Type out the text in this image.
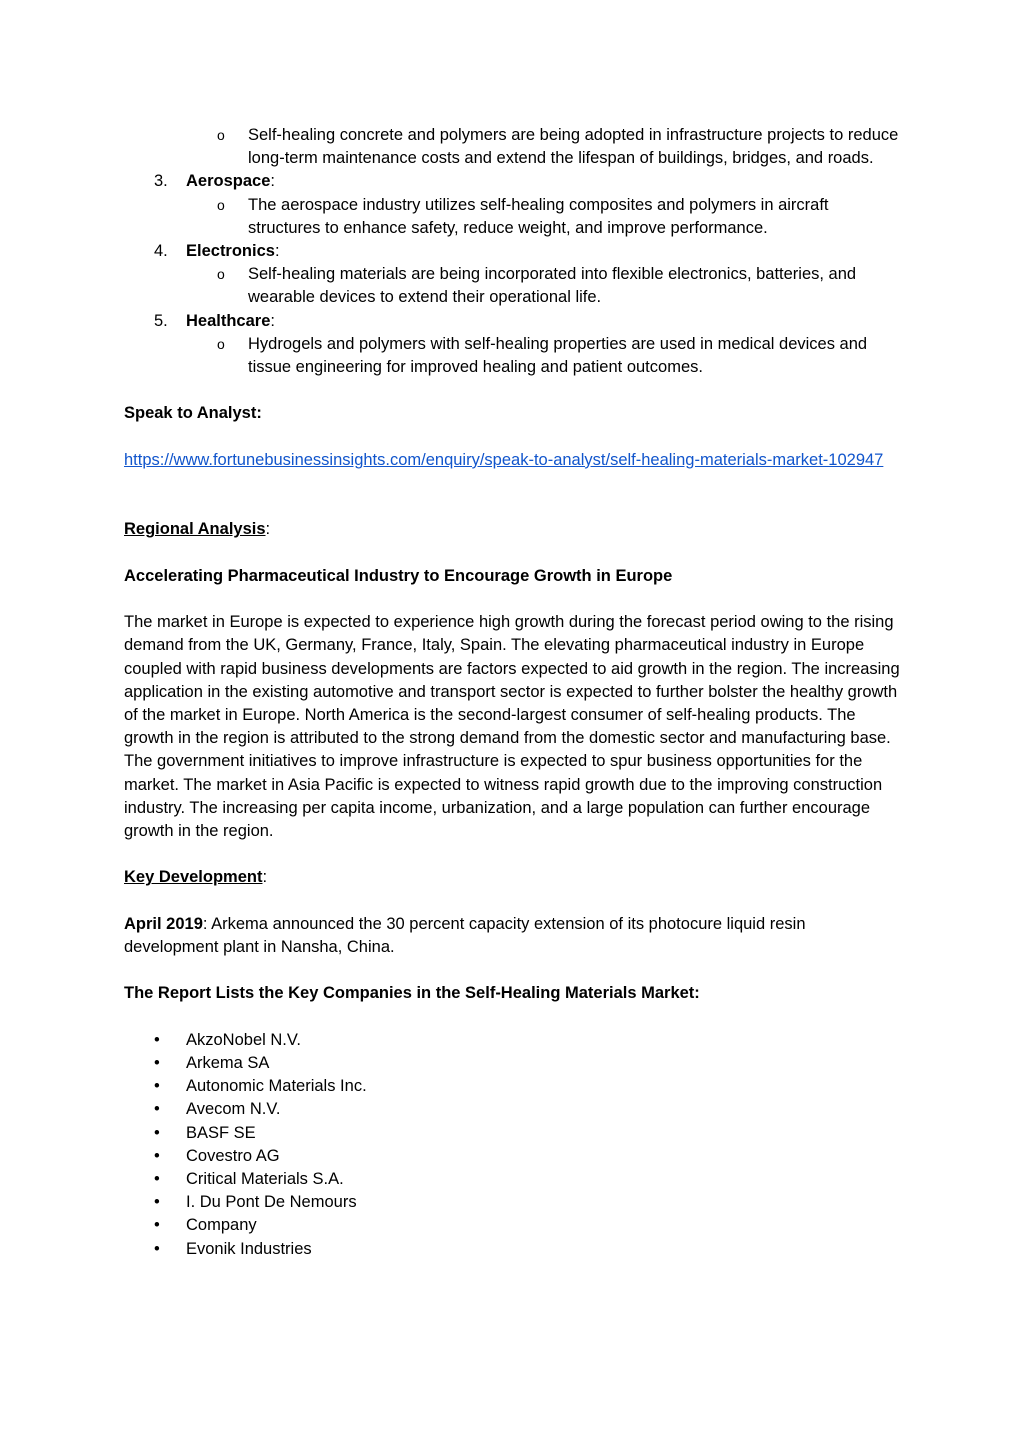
o Self-healing concrete and polymers are being adopted in infrastructure projects to reduce long-term maintenance costs and extend the lifespan of buildings, bridges, and roads.
3. Aerospace:
o The aerospace industry utilizes self-healing composites and polymers in aircraft structures to enhance safety, reduce weight, and improve performance.
4. Electronics:
o Self-healing materials are being incorporated into flexible electronics, batteries, and wearable devices to extend their operational life.
5. Healthcare:
o Hydrogels and polymers with self-healing properties are used in medical devices and tissue engineering for improved healing and patient outcomes.
Speak to Analyst:
https://www.fortunebusinessinsights.com/enquiry/speak-to-analyst/self-healing-materials-market-102947
Regional Analysis:
Accelerating Pharmaceutical Industry to Encourage Growth in Europe
The market in Europe is expected to experience high growth during the forecast period owing to the rising demand from the UK, Germany, France, Italy, Spain. The elevating pharmaceutical industry in Europe coupled with rapid business developments are factors expected to aid growth in the region. The increasing application in the existing automotive and transport sector is expected to further bolster the healthy growth of the market in Europe. North America is the second-largest consumer of self-healing products. The growth in the region is attributed to the strong demand from the domestic sector and manufacturing base. The government initiatives to improve infrastructure is expected to spur business opportunities for the market. The market in Asia Pacific is expected to witness rapid growth due to the improving construction industry. The increasing per capita income, urbanization, and a large population can further encourage growth in the region.
Key Development:
April 2019: Arkema announced the 30 percent capacity extension of its photocure liquid resin development plant in Nansha, China.
The Report Lists the Key Companies in the Self-Healing Materials Market:
• AkzoNobel N.V.
• Arkema SA
• Autonomic Materials Inc.
• Avecom N.V.
• BASF SE
• Covestro AG
• Critical Materials S.A.
• I. Du Pont De Nemours
• Company
• Evonik Industries
